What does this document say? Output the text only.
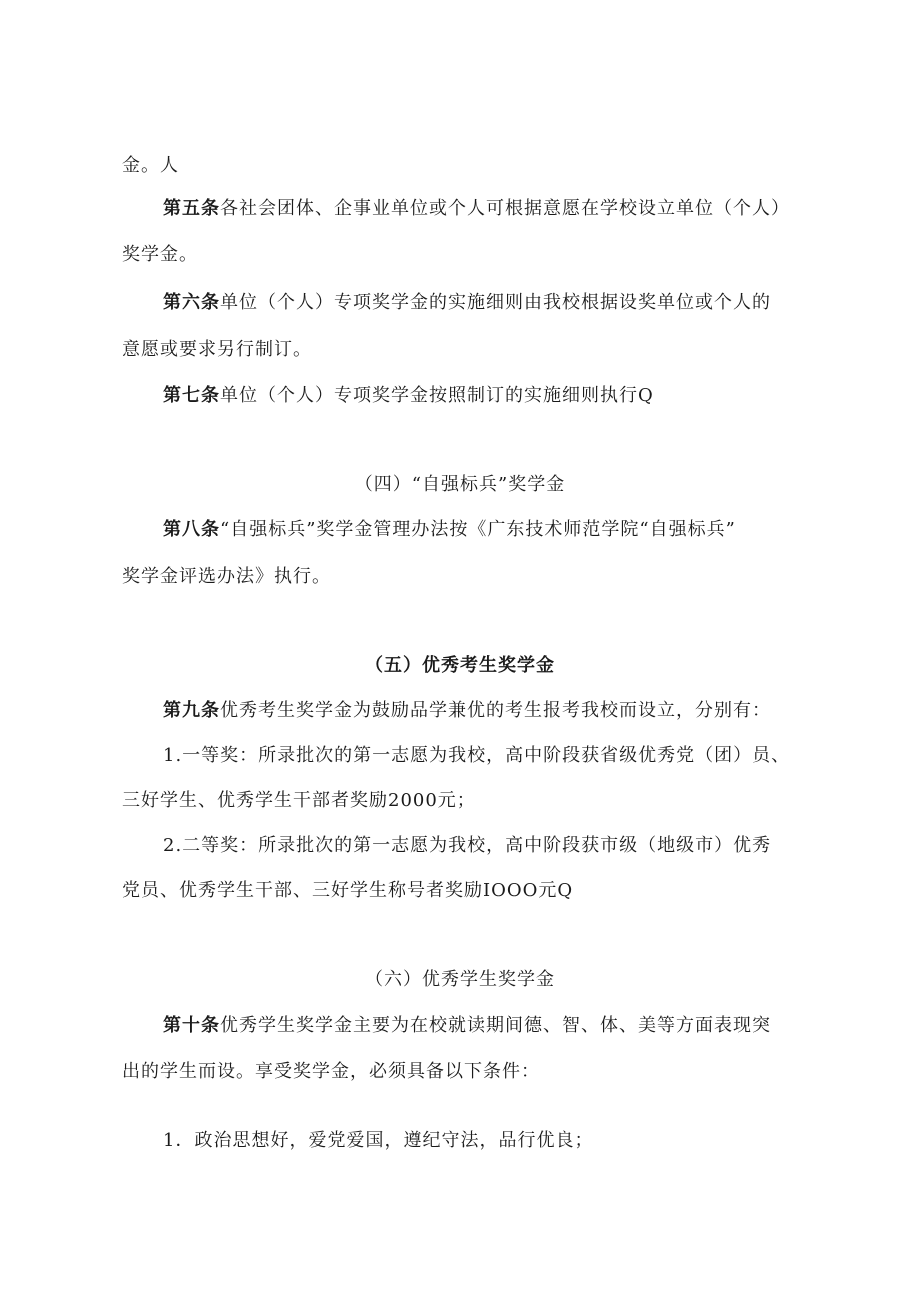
金。人
第五条各社会团体、企事业单位或个人可根据意愿在学校设立单位（个人）
奖学金。
第六条单位（个人）专项奖学金的实施细则由我校根据设奖单位或个人的
意愿或要求另行制订。
第七条单位（个人）专项奖学金按照制订的实施细则执行Q
（四）“自强标兵”奖学金
第八条“自强标兵”奖学金管理办法按《广东技术师范学院“自强标兵”
奖学金评选办法》执行。
（五）优秀考生奖学金
第九条优秀考生奖学金为鼓励品学兼优的考生报考我校而设立，分别有：
1.一等奖：所录批次的第一志愿为我校，高中阶段获省级优秀党（团）员、
三好学生、优秀学生干部者奖励2000元；
2.二等奖：所录批次的第一志愿为我校，高中阶段获市级（地级市）优秀
党员、优秀学生干部、三好学生称号者奖励IOOO元Q
（六）优秀学生奖学金
第十条优秀学生奖学金主要为在校就读期间德、智、体、美等方面表现突
出的学生而设。享受奖学金，必须具备以下条件：
1．政治思想好，爱党爱国，遵纪守法，品行优良；
